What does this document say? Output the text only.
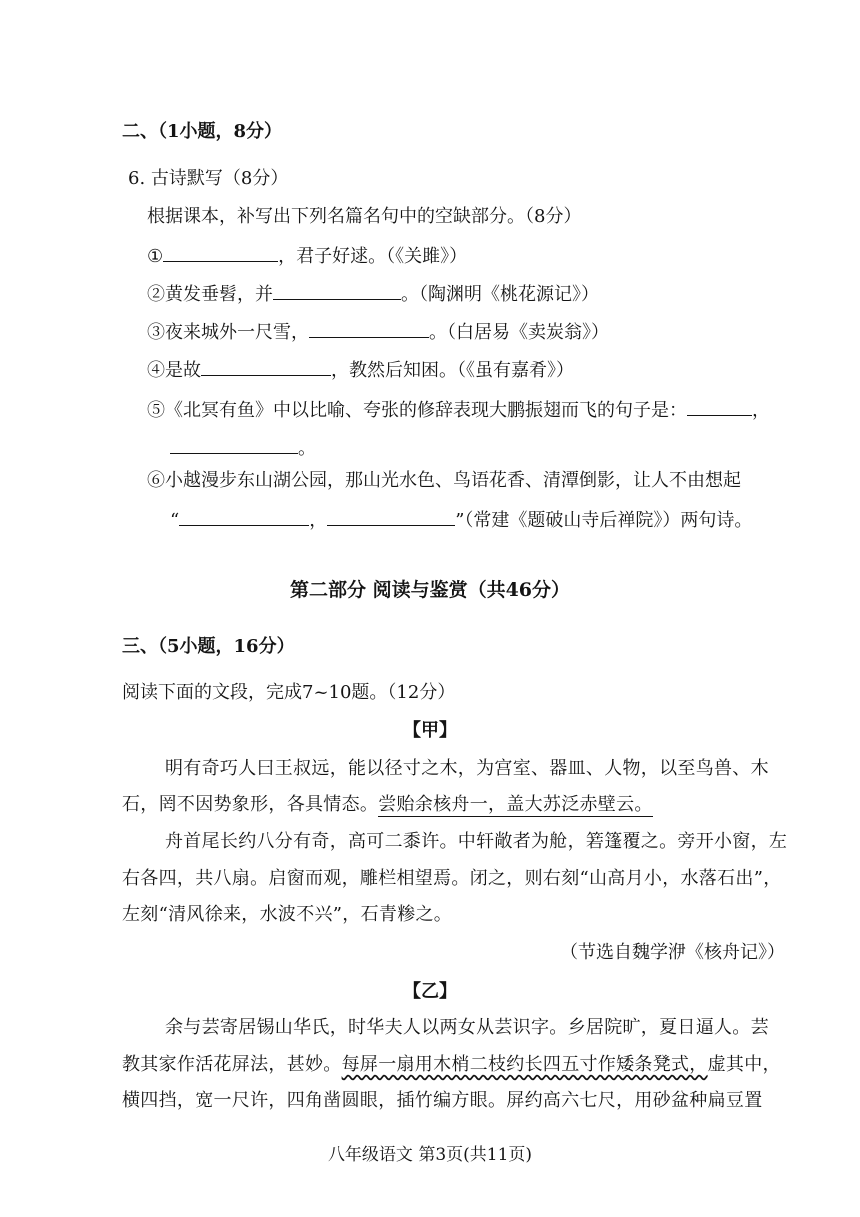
二、（1小题，8分）
6. 古诗默写（8分）
根据课本，补写出下列名篇名句中的空缺部分。（8分）
①	，君子好逑。（《关雎》）
②黄发垂髫，并	。（陶渊明《桃花源记》）
③夜来城外一尺雪，	。（白居易《卖炭翁》）
④是故	，教然后知困。（《虽有嘉肴》）
⑤《北冥有鱼》中以比喻、夸张的修辞表现大鹏振翅而飞的句子是：	，
。
⑥小越漫步东山湖公园，那山光水色、鸟语花香、清潭倒影，让人不由想起
“	，	”（常建《题破山寺后禅院》）两句诗。
第二部分 阅读与鉴赏（共46分）
三、（5小题，16分）
阅读下面的文段，完成7~10题。（12分）
【甲】
明有奇巧人曰王叔远，能以径寸之木，为宫室、器皿、人物，以至鸟兽、木
石，罔不因势象形，各具情态。尝贻余核舟一，盖大苏泛赤壁云。
舟首尾长约八分有奇，高可二黍许。中轩敞者为舱，箬篷覆之。旁开小窗，左
右各四，共八扇。启窗而观，雕栏相望焉。闭之，则右刻“山高月小，水落石出”，
左刻“清风徐来，水波不兴”，石青糁之。
（节选自魏学洢《核舟记》）
【乙】
余与芸寄居锡山华氏，时华夫人以两女从芸识字。乡居院旷，夏日逼人。芸
教其家作活花屏法，甚妙。每屏一扇用木梢二枝约长四五寸作矮条凳式，虚其中，
横四挡，宽一尺许，四角凿圆眼，插竹编方眼。屏约高六七尺，用砂盆种扁豆置
八年级语文 第3页(共11页)
